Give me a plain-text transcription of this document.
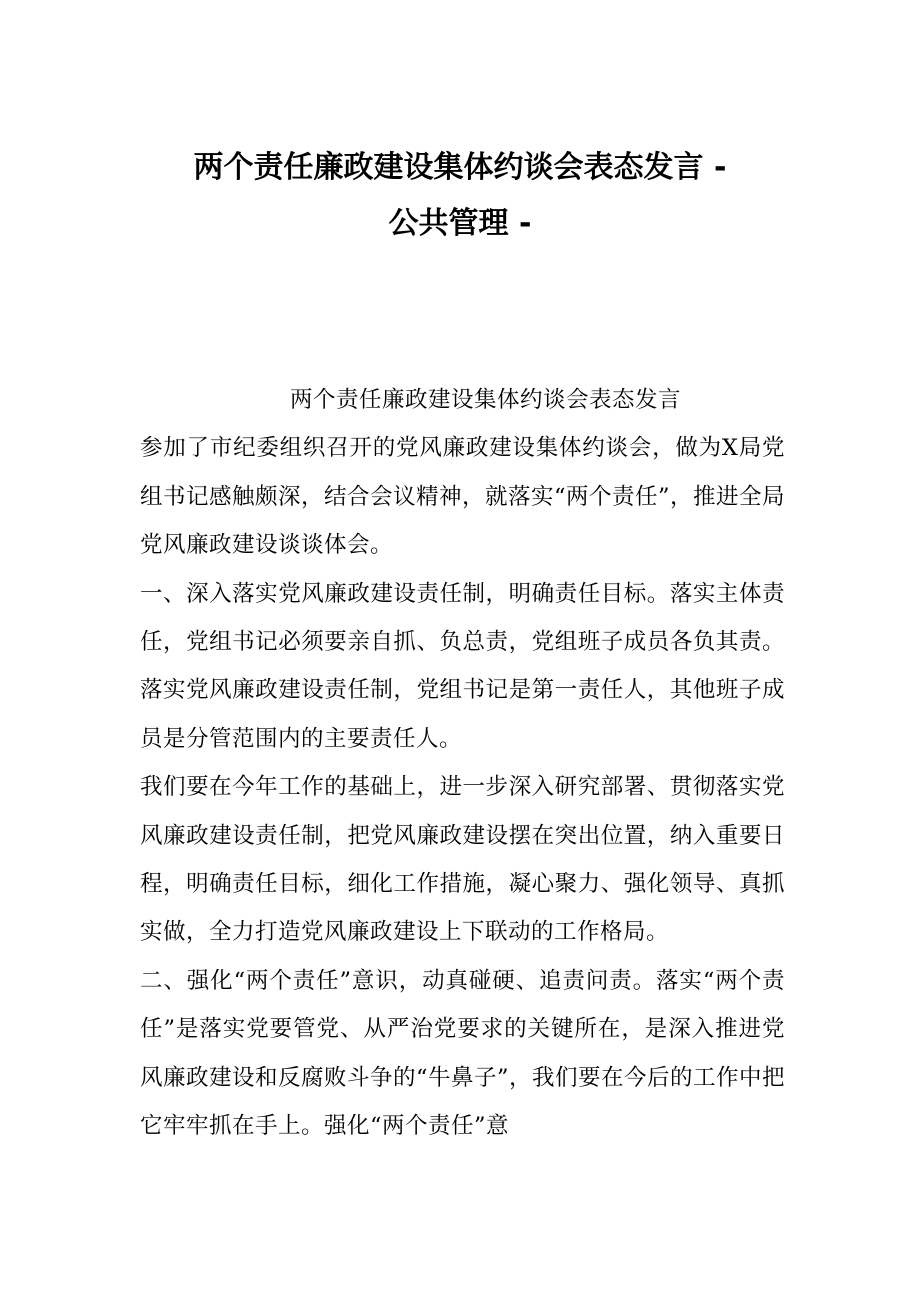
两个责任廉政建设集体约谈会表态发言 -
公共管理 -

两个责任廉政建设集体约谈会表态发言

参加了市纪委组织召开的党风廉政建设集体约谈会，做为X局党组书记感触颇深，结合会议精神，就落实“两个责任”，推进全局党风廉政建设谈谈体会。

一、深入落实党风廉政建设责任制，明确责任目标。落实主体责任，党组书记必须要亲自抓、负总责，党组班子成员各负其责。落实党风廉政建设责任制，党组书记是第一责任人，其他班子成员是分管范围内的主要责任人。

我们要在今年工作的基础上，进一步深入研究部署、贯彻落实党风廉政建设责任制，把党风廉政建设摆在突出位置，纳入重要日程，明确责任目标，细化工作措施，凝心聚力、强化领导、真抓实做，全力打造党风廉政建设上下联动的工作格局。

二、强化“两个责任”意识，动真碰硬、追责问责。落实“两个责任”是落实党要管党、从严治党要求的关键所在，是深入推进党风廉政建设和反腐败斗争的“牛鼻子”，我们要在今后的工作中把它牢牢抓在手上。强化“两个责任”意
